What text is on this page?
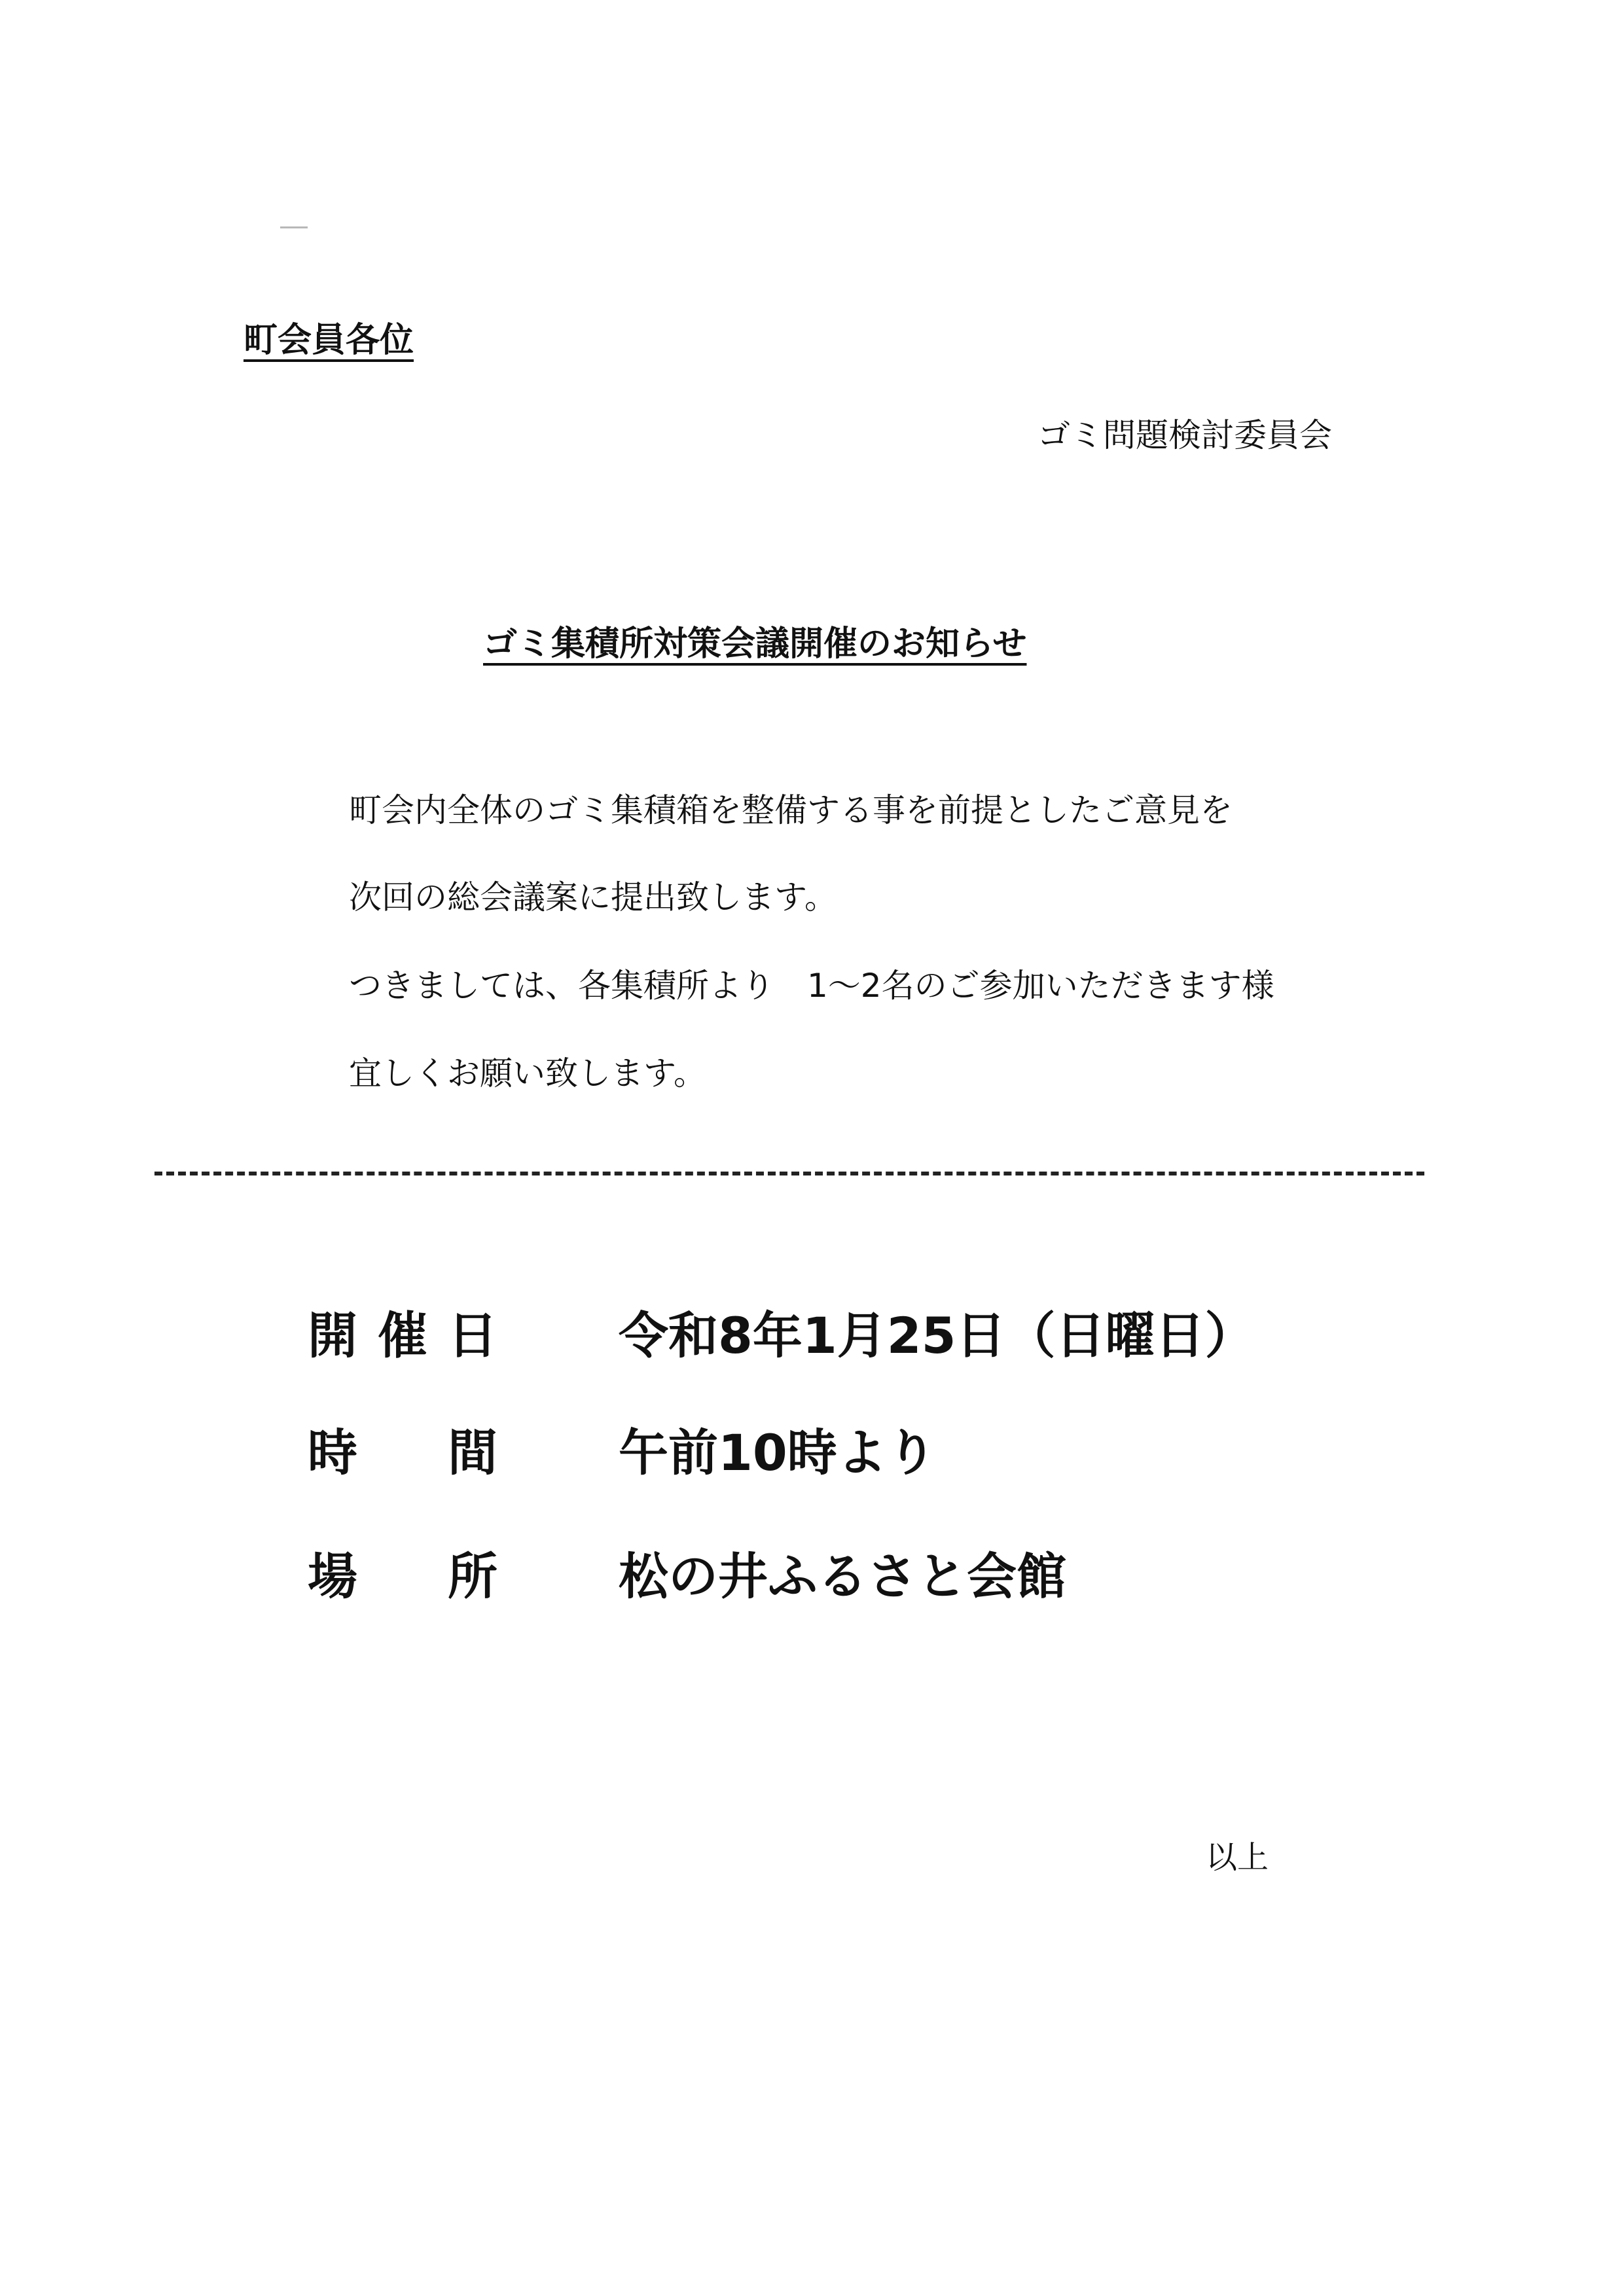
町会員各位
ゴミ問題検討委員会
ゴミ集積所対策会議開催のお知らせ
町会内全体のゴミ集積箱を整備する事を前提としたご意見を
次回の総会議案に提出致します。
つきましては、各集積所より　1～2名のご参加いただきます様
宜しくお願い致します。
開 催 日 令和8年1月25日（日曜日）
時 間 午前10時より
場 所 松の井ふるさと会館
以上
